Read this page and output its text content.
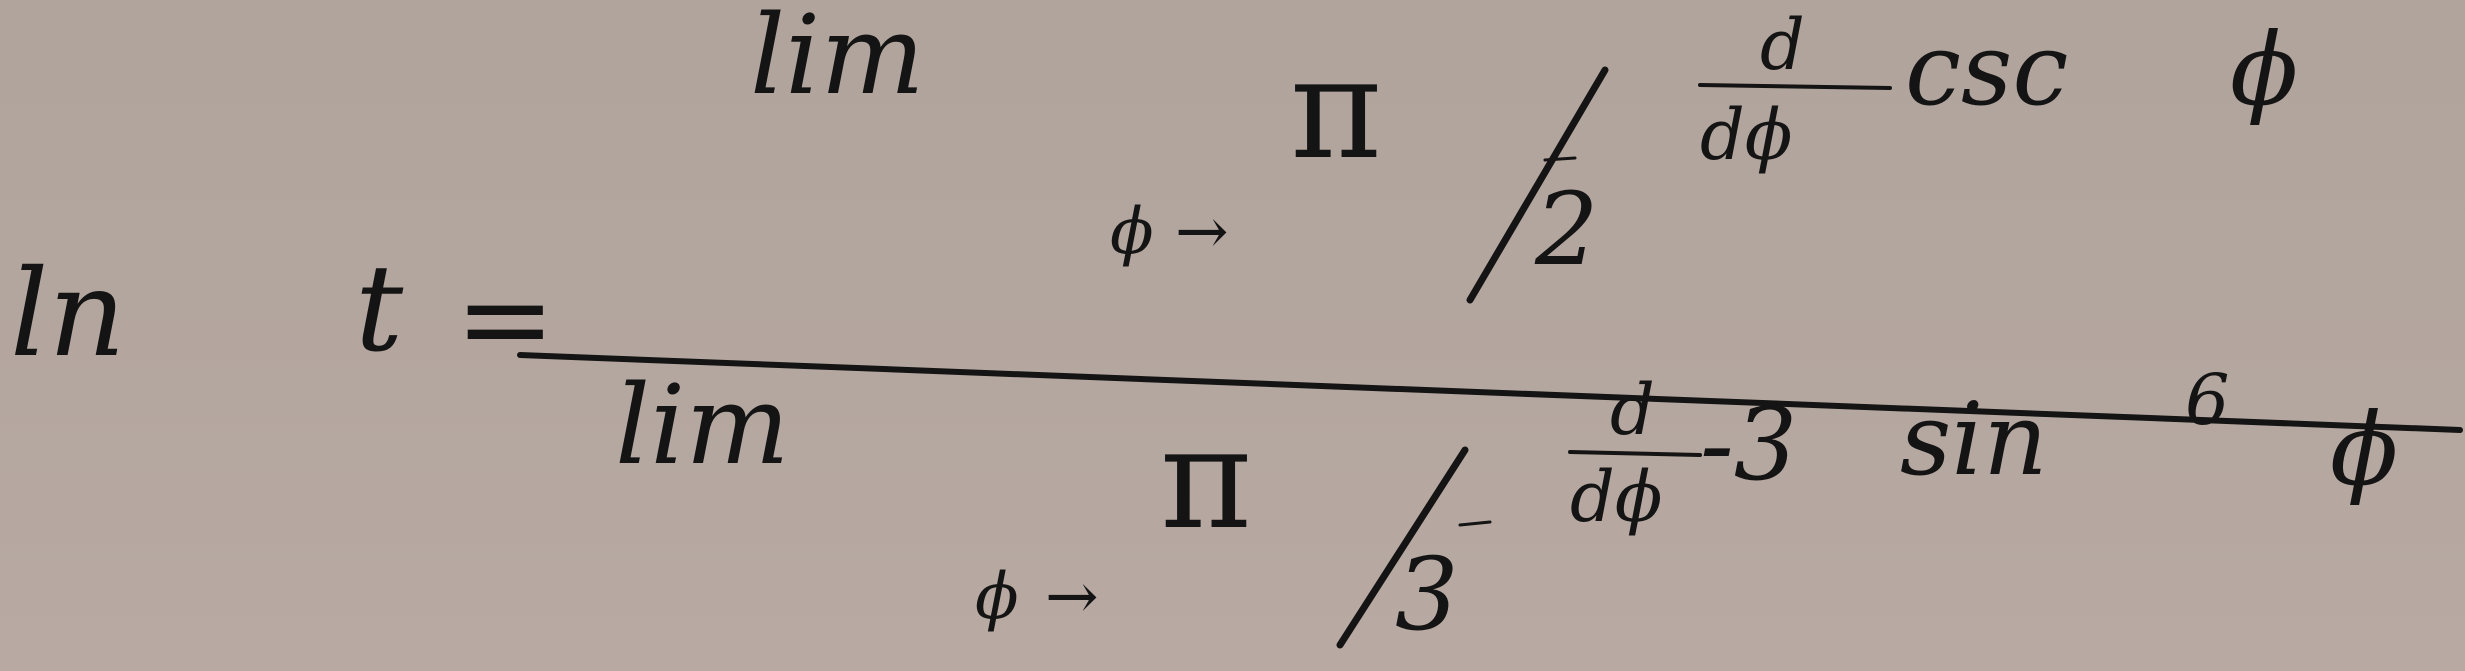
ln t =
lim
ϕ →
π
2
d
dϕ
csc ϕ
lim
ϕ →
π
3
d
dϕ -3 sin 6 ϕ
